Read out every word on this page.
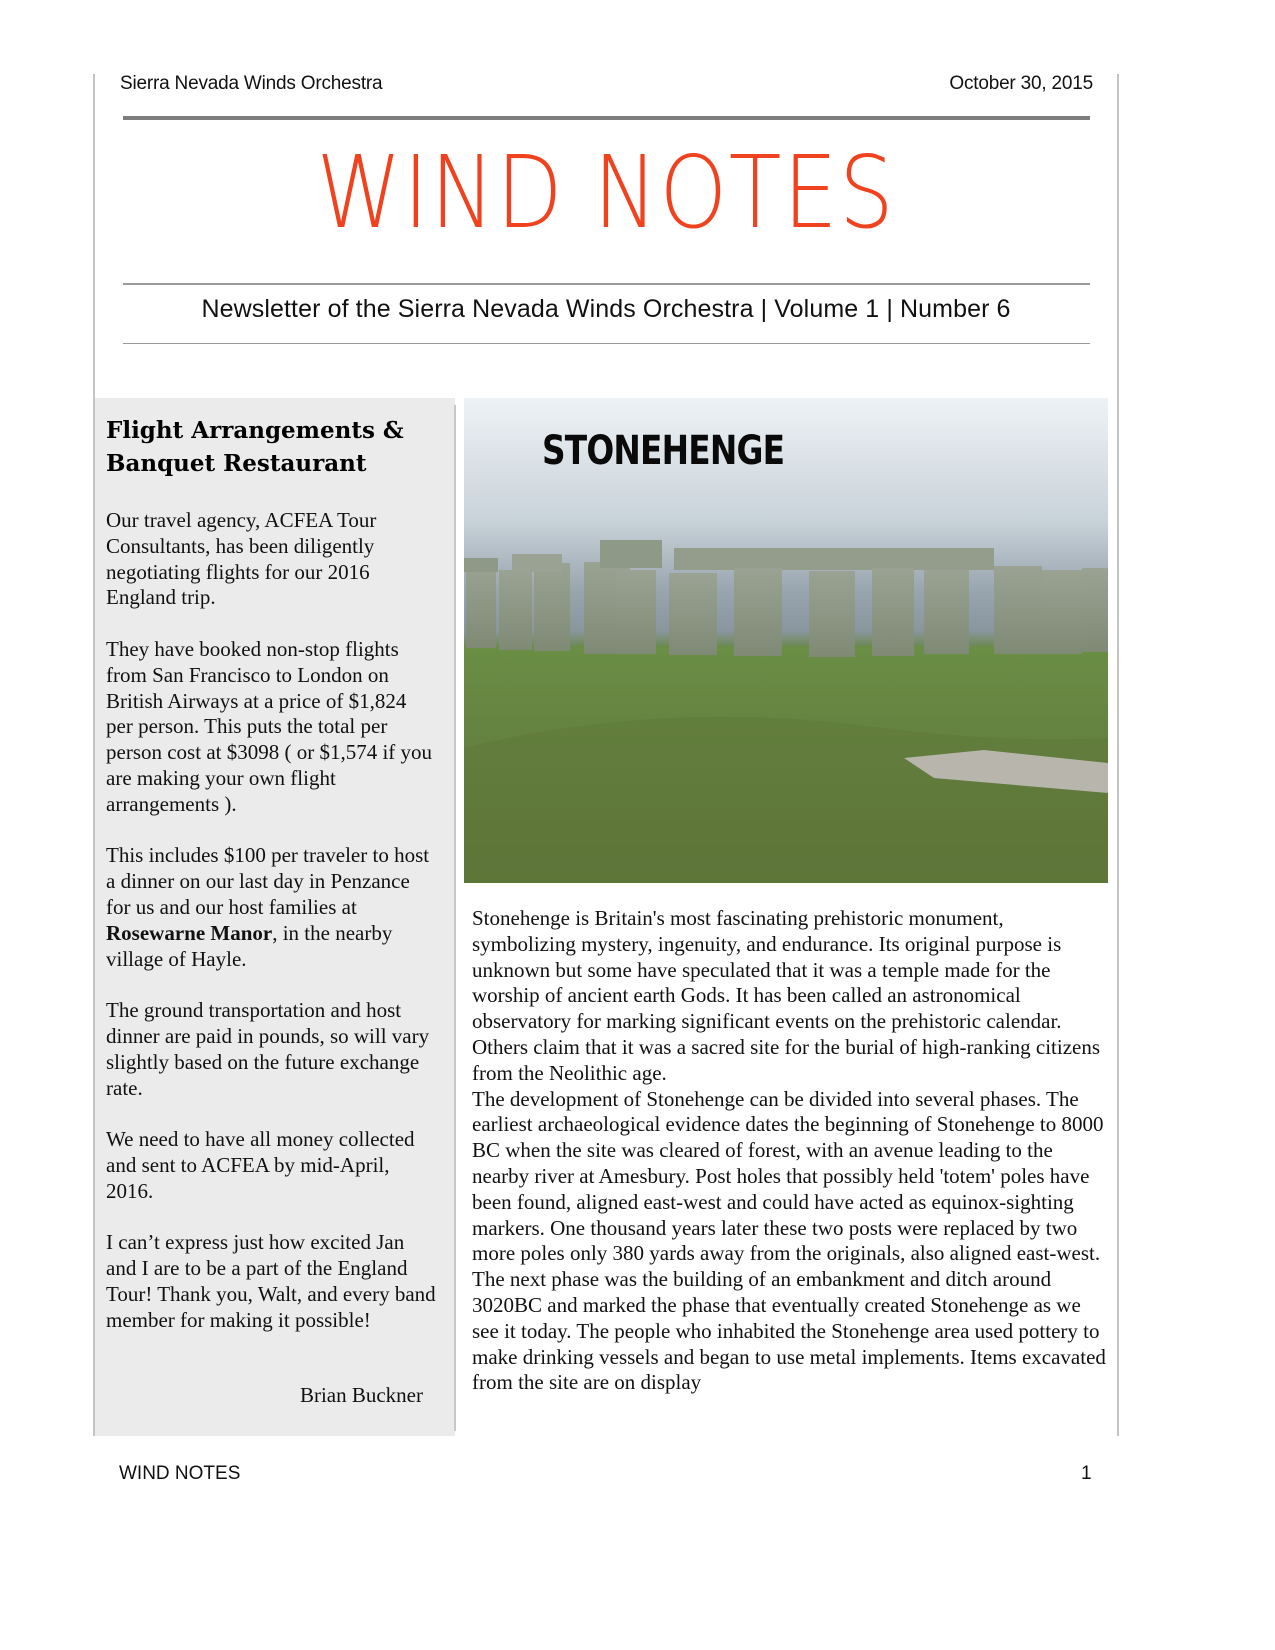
Sierra Nevada Winds Orchestra	October 30, 2015
WIND NOTES
Newsletter of the Sierra Nevada Winds Orchestra | Volume 1 | Number 6
Flight Arrangements &
Banquet Restaurant

Our travel agency, ACFEA Tour Consultants, has been diligently negotiating flights for our 2016 England trip.

They have booked non-stop flights from San Francisco to London on British Airways at a price of $1,824 per person. This puts the total per person cost at $3098 ( or $1,574 if you are making your own flight arrangements ).

This includes $100 per traveler to host a dinner on our last day in Penzance for us and our host families at Rosewarne Manor, in the nearby village of Hayle.

The ground transportation and host dinner are paid in pounds, so will vary slightly based on the future exchange rate.

We need to have all money collected and sent to ACFEA by mid-April, 2016.

I can’t express just how excited Jan and I are to be a part of the England Tour! Thank you, Walt, and every band member for making it possible!

Brian Buckner
STONEHENGE

Stonehenge is Britain's most fascinating prehistoric monument, symbolizing mystery, ingenuity, and endurance. Its original purpose is unknown but some have speculated that it was a temple made for the worship of ancient earth Gods. It has been called an astronomical observatory for marking significant events on the prehistoric calendar. Others claim that it was a sacred site for the burial of high-ranking citizens from the Neolithic age.

The development of Stonehenge can be divided into several phases. The earliest archaeological evidence dates the beginning of Stonehenge to 8000 BC when the site was cleared of forest, with an avenue leading to the nearby river at Amesbury. Post holes that possibly held 'totem' poles have been found, aligned east-west and could have acted as equinox-sighting markers. One thousand years later these two posts were replaced by two more poles only 380 yards away from the originals, also aligned east-west.

The next phase was the building of an embankment and ditch around 3020BC and marked the phase that eventually created Stonehenge as we see it today. The people who inhabited the Stonehenge area used pottery to make drinking vessels and began to use metal implements. Items excavated from the site are on display

WIND NOTES	1
